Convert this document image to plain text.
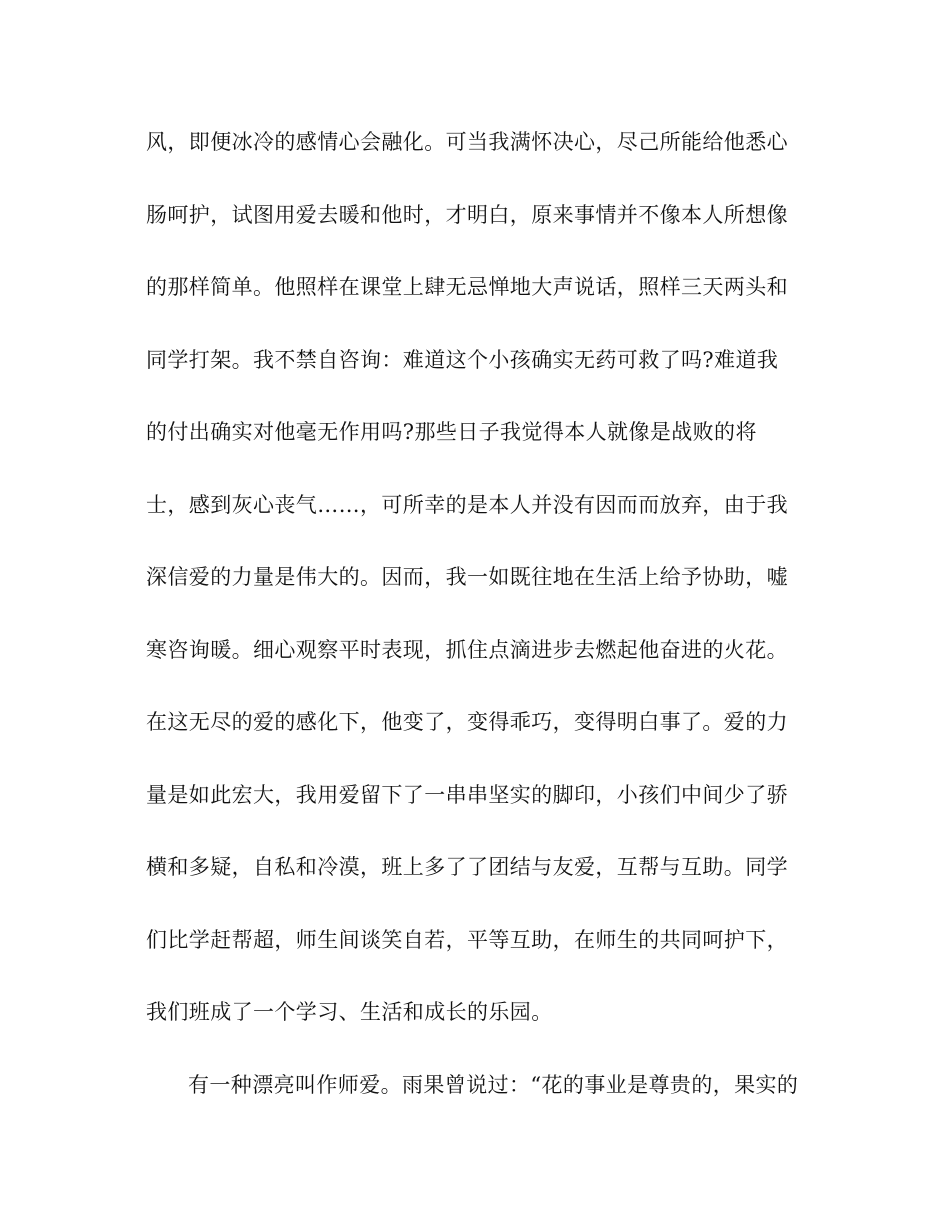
风，即便冰冷的感情心会融化。可当我满怀决心，尽己所能给他悉心
肠呵护，试图用爱去暖和他时，才明白，原来事情并不像本人所想像
的那样简单。他照样在课堂上肆无忌惮地大声说话，照样三天两头和
同学打架。我不禁自咨询：难道这个小孩确实无药可救了吗?难道我
的付出确实对他毫无作用吗?那些日子我觉得本人就像是战败的将
士，感到灰心丧气……，可所幸的是本人并没有因而而放弃，由于我
深信爱的力量是伟大的。因而，我一如既往地在生活上给予协助，嘘
寒咨询暖。细心观察平时表现，抓住点滴进步去燃起他奋进的火花。
在这无尽的爱的感化下，他变了，变得乖巧，变得明白事了。爱的力
量是如此宏大，我用爱留下了一串串坚实的脚印，小孩们中间少了骄
横和多疑，自私和冷漠，班上多了了团结与友爱，互帮与互助。同学
们比学赶帮超，师生间谈笑自若，平等互助，在师生的共同呵护下，
我们班成了一个学习、生活和成长的乐园。
有一种漂亮叫作师爱。雨果曾说过：“花的事业是尊贵的，果实的
